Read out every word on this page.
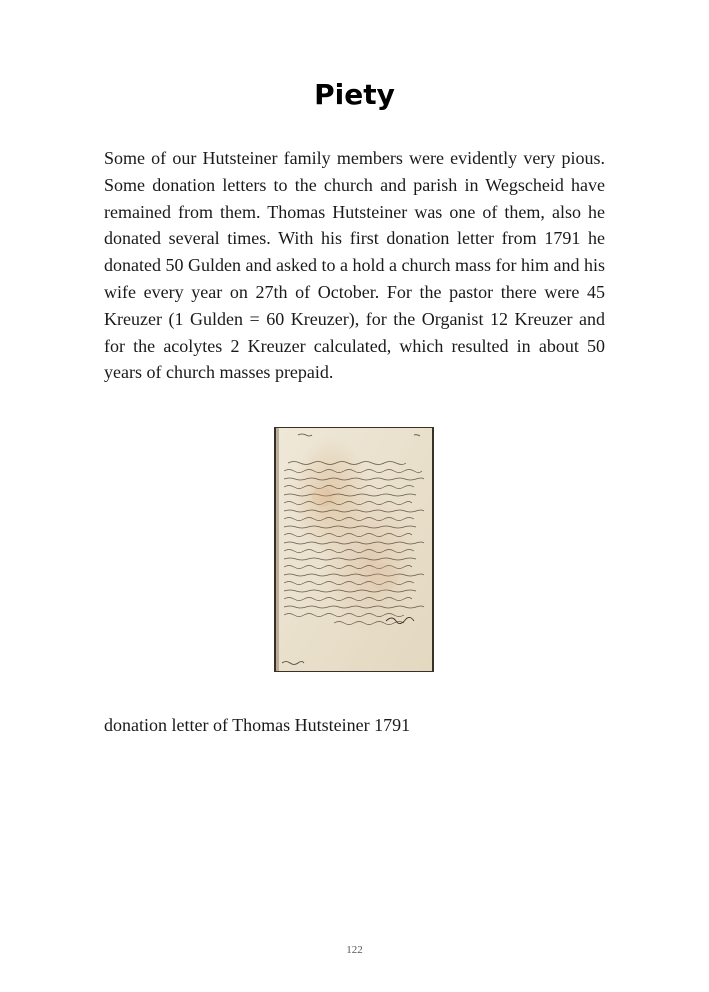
Piety

Some of our Hutsteiner family members were evidently very pious. Some donation letters to the church and parish in Wegscheid have remained from them. Thomas Hutsteiner was one of them, also he donated several times. With his first donation letter from 1791 he donated 50 Gulden and asked to a hold a church mass for him and his wife every year on 27th of October. For the pastor there were 45 Kreuzer (1 Gulden = 60 Kreuzer), for the Organist 12 Kreuzer and for the acolytes 2 Kreuzer calculated, which resulted in about 50 years of church masses prepaid.

donation letter of Thomas Hutsteiner 1791

122
